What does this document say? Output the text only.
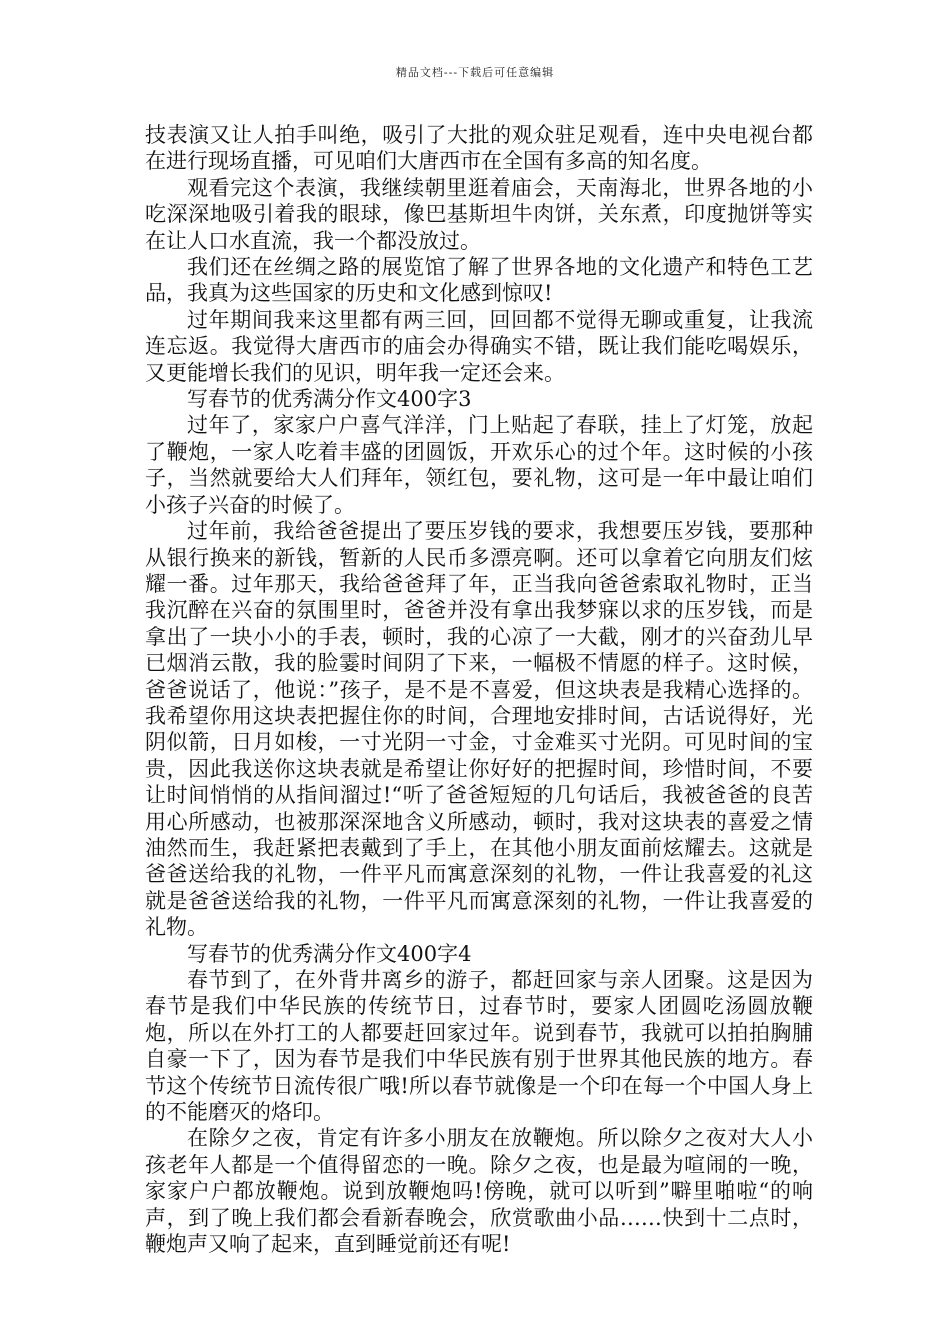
精品文档---下载后可任意编辑

技表演又让人拍手叫绝，吸引了大批的观众驻足观看，连中央电视台都在进行现场直播，可见咱们大唐西市在全国有多高的知名度。

观看完这个表演，我继续朝里逛着庙会，天南海北，世界各地的小吃深深地吸引着我的眼球，像巴基斯坦牛肉饼，关东煮，印度抛饼等实在让人口水直流，我一个都没放过。

我们还在丝绸之路的展览馆了解了世界各地的文化遗产和特色工艺品，我真为这些国家的历史和文化感到惊叹!

过年期间我来这里都有两三回，回回都不觉得无聊或重复，让我流连忘返。我觉得大唐西市的庙会办得确实不错，既让我们能吃喝娱乐，又更能增长我们的见识，明年我一定还会来。

写春节的优秀满分作文400字3

过年了，家家户户喜气洋洋，门上贴起了春联，挂上了灯笼，放起了鞭炮，一家人吃着丰盛的团圆饭，开欢乐心的过个年。这时候的小孩子，当然就要给大人们拜年，领红包，要礼物，这可是一年中最让咱们小孩子兴奋的时候了。

过年前，我给爸爸提出了要压岁钱的要求，我想要压岁钱，要那种从银行换来的新钱，暂新的人民币多漂亮啊。还可以拿着它向朋友们炫耀一番。过年那天，我给爸爸拜了年，正当我向爸爸索取礼物时，正当我沉醉在兴奋的氛围里时，爸爸并没有拿出我梦寐以求的压岁钱，而是拿出了一块小小的手表，顿时，我的心凉了一大截，刚才的兴奋劲儿早已烟消云散，我的脸霎时间阴了下来，一幅极不情愿的样子。这时候，爸爸说话了，他说：”孩子，是不是不喜爱，但这块表是我精心选择的。我希望你用这块表把握住你的时间，合理地安排时间，古话说得好，光阴似箭，日月如梭，一寸光阴一寸金，寸金难买寸光阴。可见时间的宝贵，因此我送你这块表就是希望让你好好的把握时间，珍惜时间，不要让时间悄悄的从指间溜过!“听了爸爸短短的几句话后，我被爸爸的良苦用心所感动，也被那深深地含义所感动，顿时，我对这块表的喜爱之情油然而生，我赶紧把表戴到了手上，在其他小朋友面前炫耀去。这就是爸爸送给我的礼物，一件平凡而寓意深刻的礼物，一件让我喜爱的礼这就是爸爸送给我的礼物，一件平凡而寓意深刻的礼物，一件让我喜爱的礼物。

写春节的优秀满分作文400字4

春节到了，在外背井离乡的游子，都赶回家与亲人团聚。这是因为春节是我们中华民族的传统节日，过春节时，要家人团圆吃汤圆放鞭炮，所以在外打工的人都要赶回家过年。说到春节，我就可以拍拍胸脯自豪一下了，因为春节是我们中华民族有别于世界其他民族的地方。春节这个传统节日流传很广哦!所以春节就像是一个印在每一个中国人身上的不能磨灭的烙印。

在除夕之夜，肯定有许多小朋友在放鞭炮。所以除夕之夜对大人小孩老年人都是一个值得留恋的一晚。除夕之夜，也是最为喧闹的一晚，家家户户都放鞭炮。说到放鞭炮吗!傍晚，就可以听到”噼里啪啦“的响声，到了晚上我们都会看新春晚会，欣赏歌曲小品……快到十二点时，鞭炮声又响了起来，直到睡觉前还有呢!
